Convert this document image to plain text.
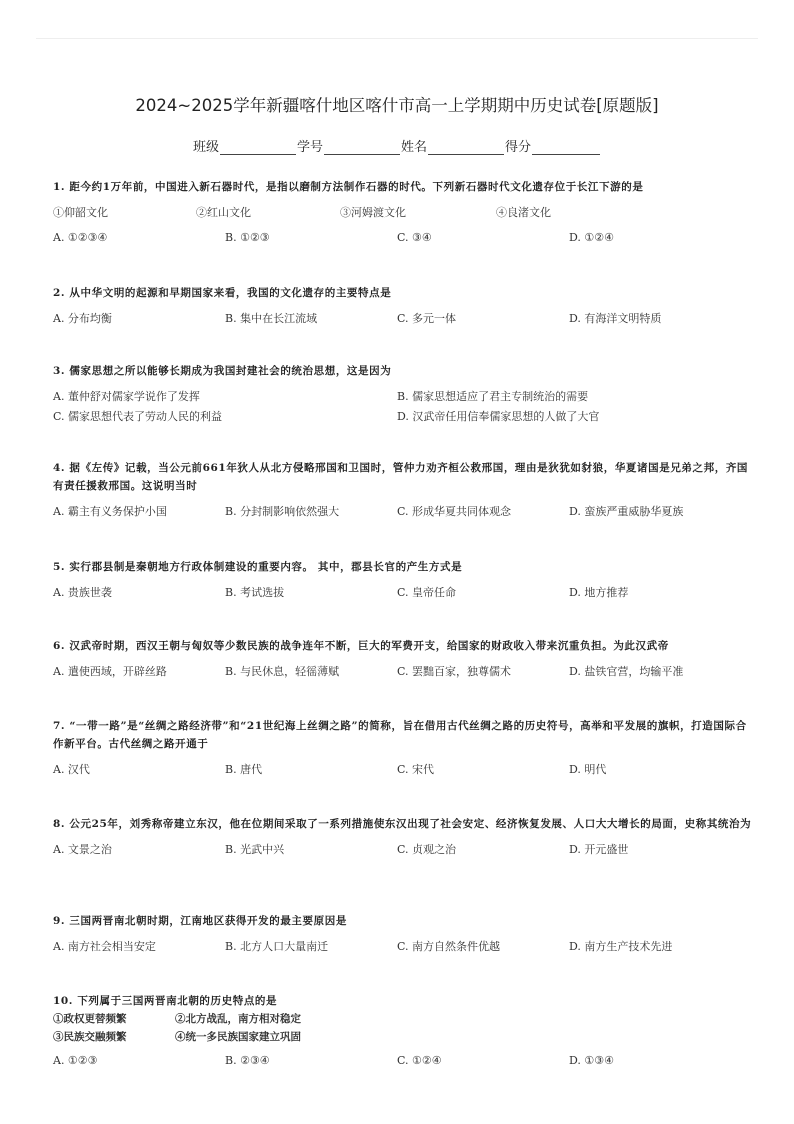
2024~2025学年新疆喀什地区喀什市高一上学期期中历史试卷[原题版]
班级	学号	姓名	得分
1. 距今约1万年前，中国进入新石器时代，是指以磨制方法制作石器的时代。下列新石器时代文化遗存位于长江下游的是
①仰韶文化	②红山文化	③河姆渡文化	④良渚文化
A. ①②③④	B. ①②③	C. ③④	D. ①②④
2. 从中华文明的起源和早期国家来看，我国的文化遗存的主要特点是
A. 分布均衡	B. 集中在长江流域	C. 多元一体	D. 有海洋文明特质
3. 儒家思想之所以能够长期成为我国封建社会的统治思想，这是因为
A. 董仲舒对儒家学说作了发挥	B. 儒家思想适应了君主专制统治的需要
C. 儒家思想代表了劳动人民的利益	D. 汉武帝任用信奉儒家思想的人做了大官
4. 据《左传》记载，当公元前661年狄人从北方侵略邢国和卫国时，管仲力劝齐桓公救邢国，理由是狄犹如豺狼，华夏诸国是兄弟之邦，齐国有责任援救邢国。这说明当时
A. 霸主有义务保护小国	B. 分封制影响依然强大	C. 形成华夏共同体观念	D. 蛮族严重威胁华夏族
5. 实行郡县制是秦朝地方行政体制建设的重要内容。 其中，郡县长官的产生方式是
A. 贵族世袭	B. 考试选拔	C. 皇帝任命	D. 地方推荐
6. 汉武帝时期，西汉王朝与匈奴等少数民族的战争连年不断，巨大的军费开支，给国家的财政收入带来沉重负担。为此汉武帝
A. 遣使西域，开辟丝路	B. 与民休息，轻徭薄赋	C. 罢黜百家，独尊儒术	D. 盐铁官营，均输平准
7. “一带一路”是“丝绸之路经济带”和“21世纪海上丝绸之路”的简称，旨在借用古代丝绸之路的历史符号，高举和平发展的旗帜，打造国际合作新平台。古代丝绸之路开通于
A. 汉代	B. 唐代	C. 宋代	D. 明代
8. 公元25年，刘秀称帝建立东汉，他在位期间采取了一系列措施使东汉出现了社会安定、经济恢复发展、人口大大增长的局面，史称其统治为
A. 文景之治	B. 光武中兴	C. 贞观之治	D. 开元盛世
9. 三国两晋南北朝时期，江南地区获得开发的最主要原因是
A. 南方社会相当安定	B. 北方人口大量南迁	C. 南方自然条件优越	D. 南方生产技术先进
10. 下列属于三国两晋南北朝的历史特点的是
①政权更替频繁	②北方战乱，南方相对稳定
③民族交融频繁	④统一多民族国家建立巩固
A. ①②③	B. ②③④	C. ①②④	D. ①③④
